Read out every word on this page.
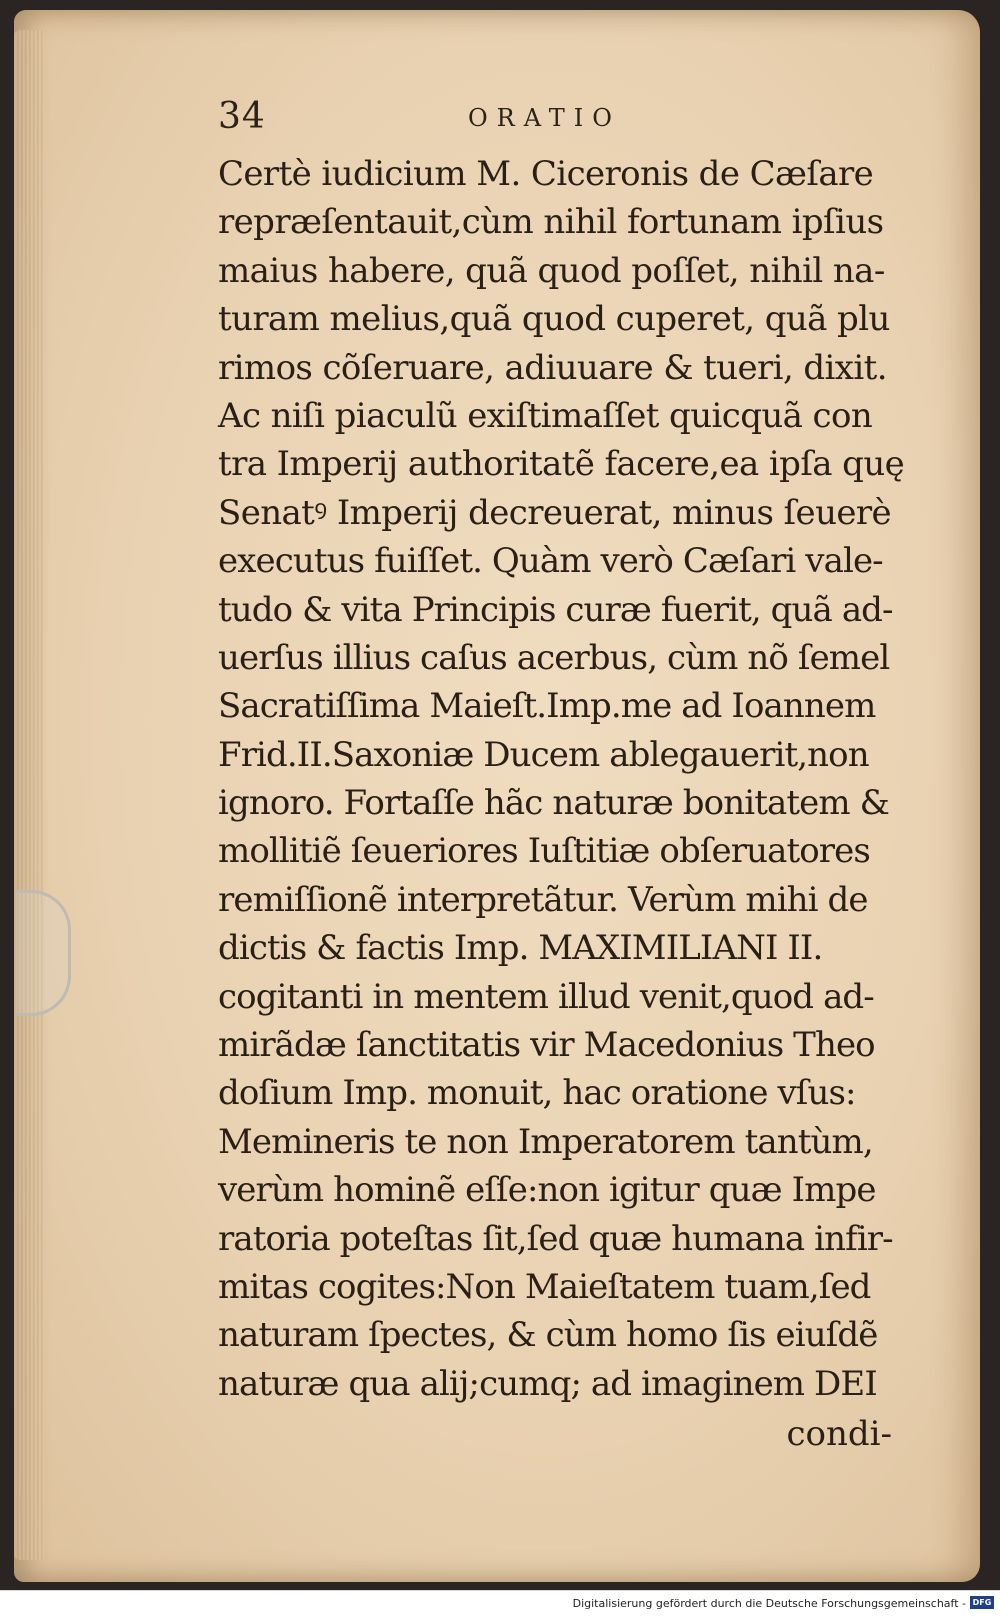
34	ORATIO
Certè iudicium M. Ciceronis de Cæſare
repræſentauit,cùm nihil fortunam ipſius
maius habere, quã quod poſſet, nihil na-
turam melius,quã quod cuperet, quã plu
rimos cõſeruare, adiuuare & tueri, dixit.
Ac niſi piaculũ exiſtimaſſet quicquã con
tra Imperij authoritatẽ facere,ea ipſa quę
Senatꝰ Imperij decreuerat, minus ſeuerè
executus fuiſſet. Quàm verò Cæſari vale-
tudo & vita Principis curæ fuerit, quã ad-
uerſus illius caſus acerbus, cùm nõ ſemel
Sacratiſſima Maieſt.Imp.me ad Ioannem
Frid.II.Saxoniæ Ducem ablegauerit,non
ignoro. Fortaſſe hãc naturæ bonitatem &
mollitiẽ ſeueriores Iuſtitiæ obſeruatores
remiſſionẽ interpretãtur. Verùm mihi de
dictis & factis Imp. MAXIMILIANI II.
cogitanti in mentem illud venit,quod ad-
mirãdæ ſanctitatis vir Macedonius Theo
doſium Imp. monuit, hac oratione vſus:
Memineris te non Imperatorem tantùm,
verùm hominẽ eſſe:non igitur quæ Impe
ratoria poteſtas ſit,ſed quæ humana infir-
mitas cogites:Non Maieſtatem tuam,ſed
naturam ſpectes, & cùm homo ſis eiuſdẽ
naturæ qua alij;cumq; ad imaginem DEI
condi-
Digitalisierung gefördert durch die Deutsche Forschungsgemeinschaft - DFG
